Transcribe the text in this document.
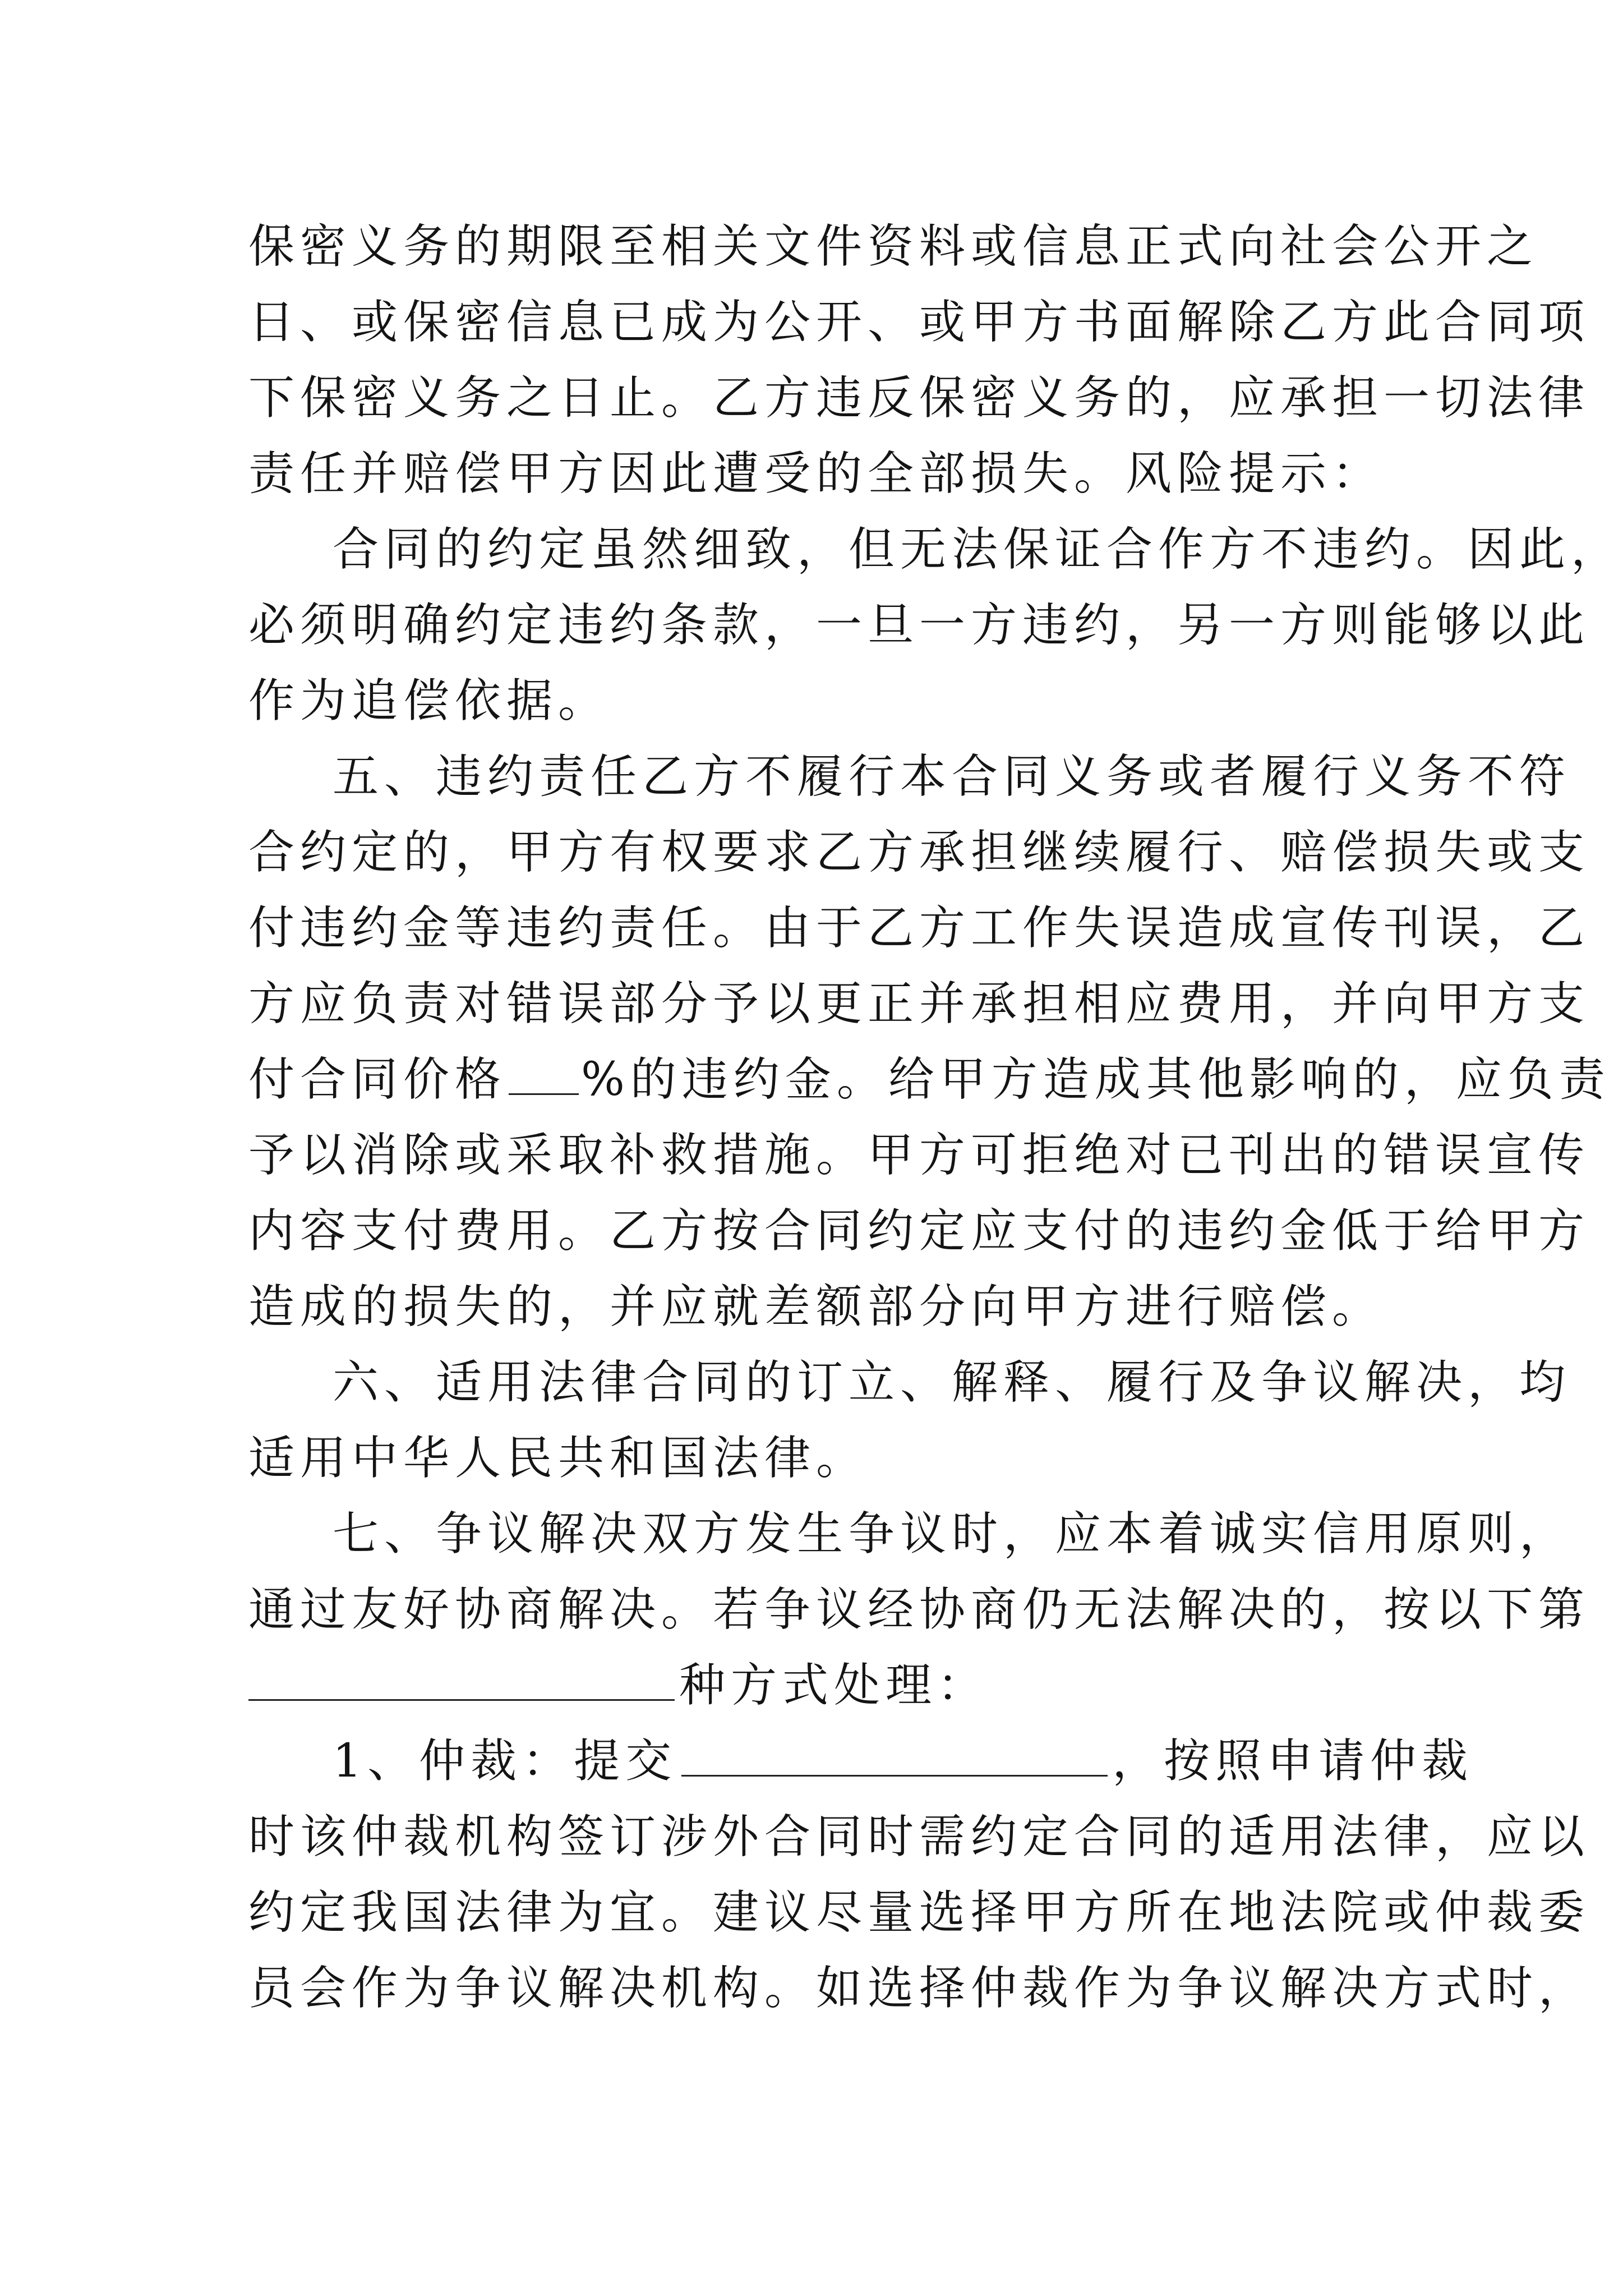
保密义务的期限至相关文件资料或信息正式向社会公开之
日、或保密信息已成为公开、或甲方书面解除乙方此合同项
下保密义务之日止。乙方违反保密义务的，应承担一切法律
责任并赔偿甲方因此遭受的全部损失。风险提示：
合同的约定虽然细致，但无法保证合作方不违约。因此，
必须明确约定违约条款，一旦一方违约，另一方则能够以此
作为追偿依据。
五、违约责任乙方不履行本合同义务或者履行义务不符
合约定的，甲方有权要求乙方承担继续履行、赔偿损失或支
付违约金等违约责任。由于乙方工作失误造成宣传刊误，乙
方应负责对错误部分予以更正并承担相应费用，并向甲方支
付合同价格 %的违约金。给甲方造成其他影响的，应负责
予以消除或采取补救措施。甲方可拒绝对已刊出的错误宣传
内容支付费用。乙方按合同约定应支付的违约金低于给甲方
造成的损失的，并应就差额部分向甲方进行赔偿。
六、适用法律合同的订立、解释、履行及争议解决，均
适用中华人民共和国法律。
七、争议解决双方发生争议时，应本着诚实信用原则，
通过友好协商解决。若争议经协商仍无法解决的，按以下第
种方式处理：
1、仲裁：提交	，按照申请仲裁
时该仲裁机构签订涉外合同时需约定合同的适用法律，应以
约定我国法律为宜。建议尽量选择甲方所在地法院或仲裁委
员会作为争议解决机构。如选择仲裁作为争议解决方式时，
